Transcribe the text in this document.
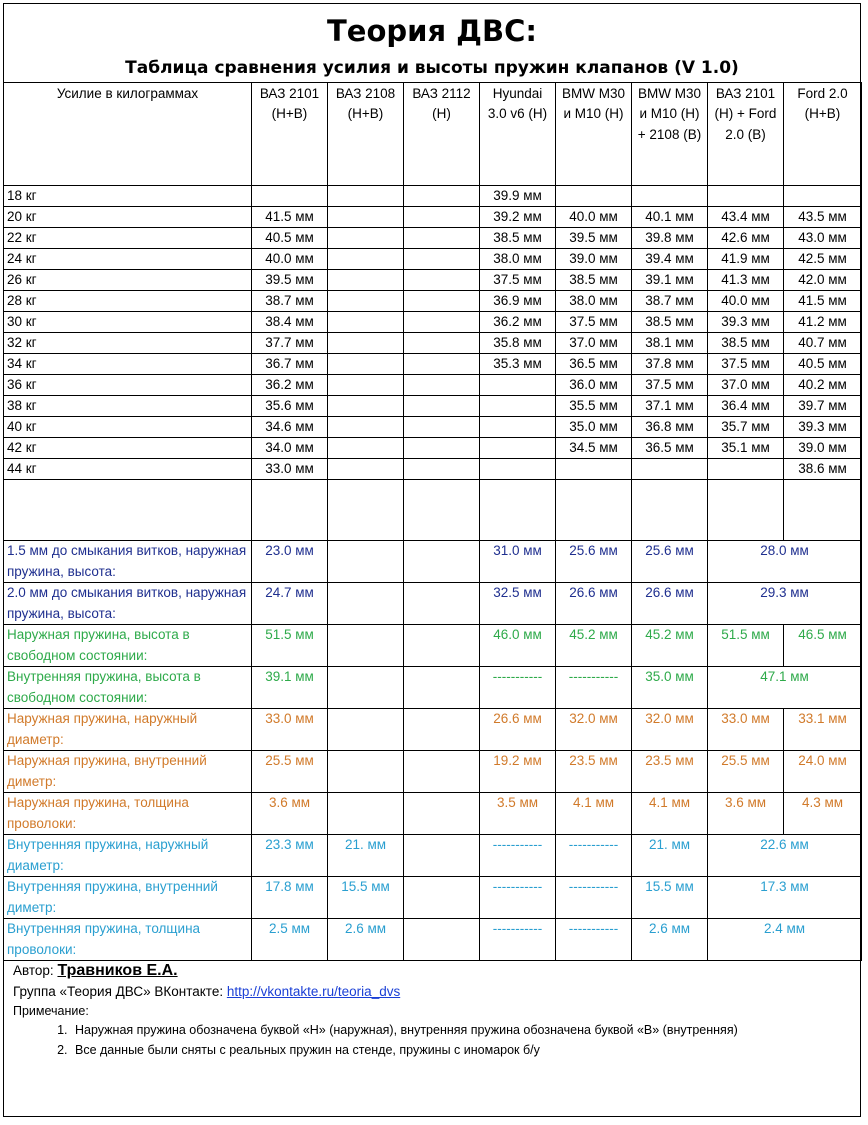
Теория ДВС:
Таблица сравнения усилия и высоты пружин клапанов (V 1.0)
Усилие в килограммах	ВАЗ 2101 (Н+В)	ВАЗ 2108 (Н+В)	ВАЗ 2112 (Н)	Hyundai 3.0 v6 (Н)	BMW M30 и M10 (Н)	BMW M30 и M10 (Н) + 2108 (В)	ВАЗ 2101 (Н) + Ford 2.0 (В)	Ford 2.0 (Н+В)
18 кг				39.9 мм				
20 кг	41.5 мм			39.2 мм	40.0 мм	40.1 мм	43.4 мм	43.5 мм
22 кг	40.5 мм			38.5 мм	39.5 мм	39.8 мм	42.6 мм	43.0 мм
24 кг	40.0 мм			38.0 мм	39.0 мм	39.4 мм	41.9 мм	42.5 мм
26 кг	39.5 мм			37.5 мм	38.5 мм	39.1 мм	41.3 мм	42.0 мм
28 кг	38.7 мм			36.9 мм	38.0 мм	38.7 мм	40.0 мм	41.5 мм
30 кг	38.4 мм			36.2 мм	37.5 мм	38.5 мм	39.3 мм	41.2 мм
32 кг	37.7 мм			35.8 мм	37.0 мм	38.1 мм	38.5 мм	40.7 мм
34 кг	36.7 мм			35.3 мм	36.5 мм	37.8 мм	37.5 мм	40.5 мм
36 кг	36.2 мм				36.0 мм	37.5 мм	37.0 мм	40.2 мм
38 кг	35.6 мм				35.5 мм	37.1 мм	36.4 мм	39.7 мм
40 кг	34.6 мм				35.0 мм	36.8 мм	35.7 мм	39.3 мм
42 кг	34.0 мм				34.5 мм	36.5 мм	35.1 мм	39.0 мм
44 кг	33.0 мм							38.6 мм

1.5 мм до смыкания витков, наружная пружина, высота:	23.0 мм			31.0 мм	25.6 мм	25.6 мм	28.0 мм	
2.0 мм до смыкания витков, наружная пружина, высота:	24.7 мм			32.5 мм	26.6 мм	26.6 мм	29.3 мм	
Наружная пружина, высота в свободном состоянии:	51.5 мм			46.0 мм	45.2 мм	45.2 мм	51.5 мм	46.5 мм
Внутренняя пружина, высота в свободном состоянии:	39.1 мм			-----------	-----------	35.0 мм	47.1 мм	
Наружная пружина, наружный диаметр:	33.0 мм			26.6 мм	32.0 мм	32.0 мм	33.0 мм	33.1 мм
Наружная пружина, внутренний диметр:	25.5 мм			19.2 мм	23.5 мм	23.5 мм	25.5 мм	24.0 мм
Наружная пружина, толщина проволоки:	3.6 мм			3.5 мм	4.1 мм	4.1 мм	3.6 мм	4.3 мм
Внутренняя пружина, наружный диаметр:	23.3 мм	21. мм		-----------	-----------	21. мм	22.6 мм	
Внутренняя пружина, внутренний диметр:	17.8 мм	15.5 мм		-----------	-----------	15.5 мм	17.3 мм	
Внутренняя пружина, толщина проволоки:	2.5 мм	2.6 мм		-----------	-----------	2.6 мм	2.4 мм	
Автор: Травников Е.А.
Группа «Теория ДВС» ВКонтакте: http://vkontakte.ru/teoria_dvs
Примечание:
1. Наружная пружина обозначена буквой «Н» (наружная), внутренняя пружина обозначена буквой «В» (внутренняя)
2. Все данные были сняты с реальных пружин на стенде, пружины с иномарок б/у
